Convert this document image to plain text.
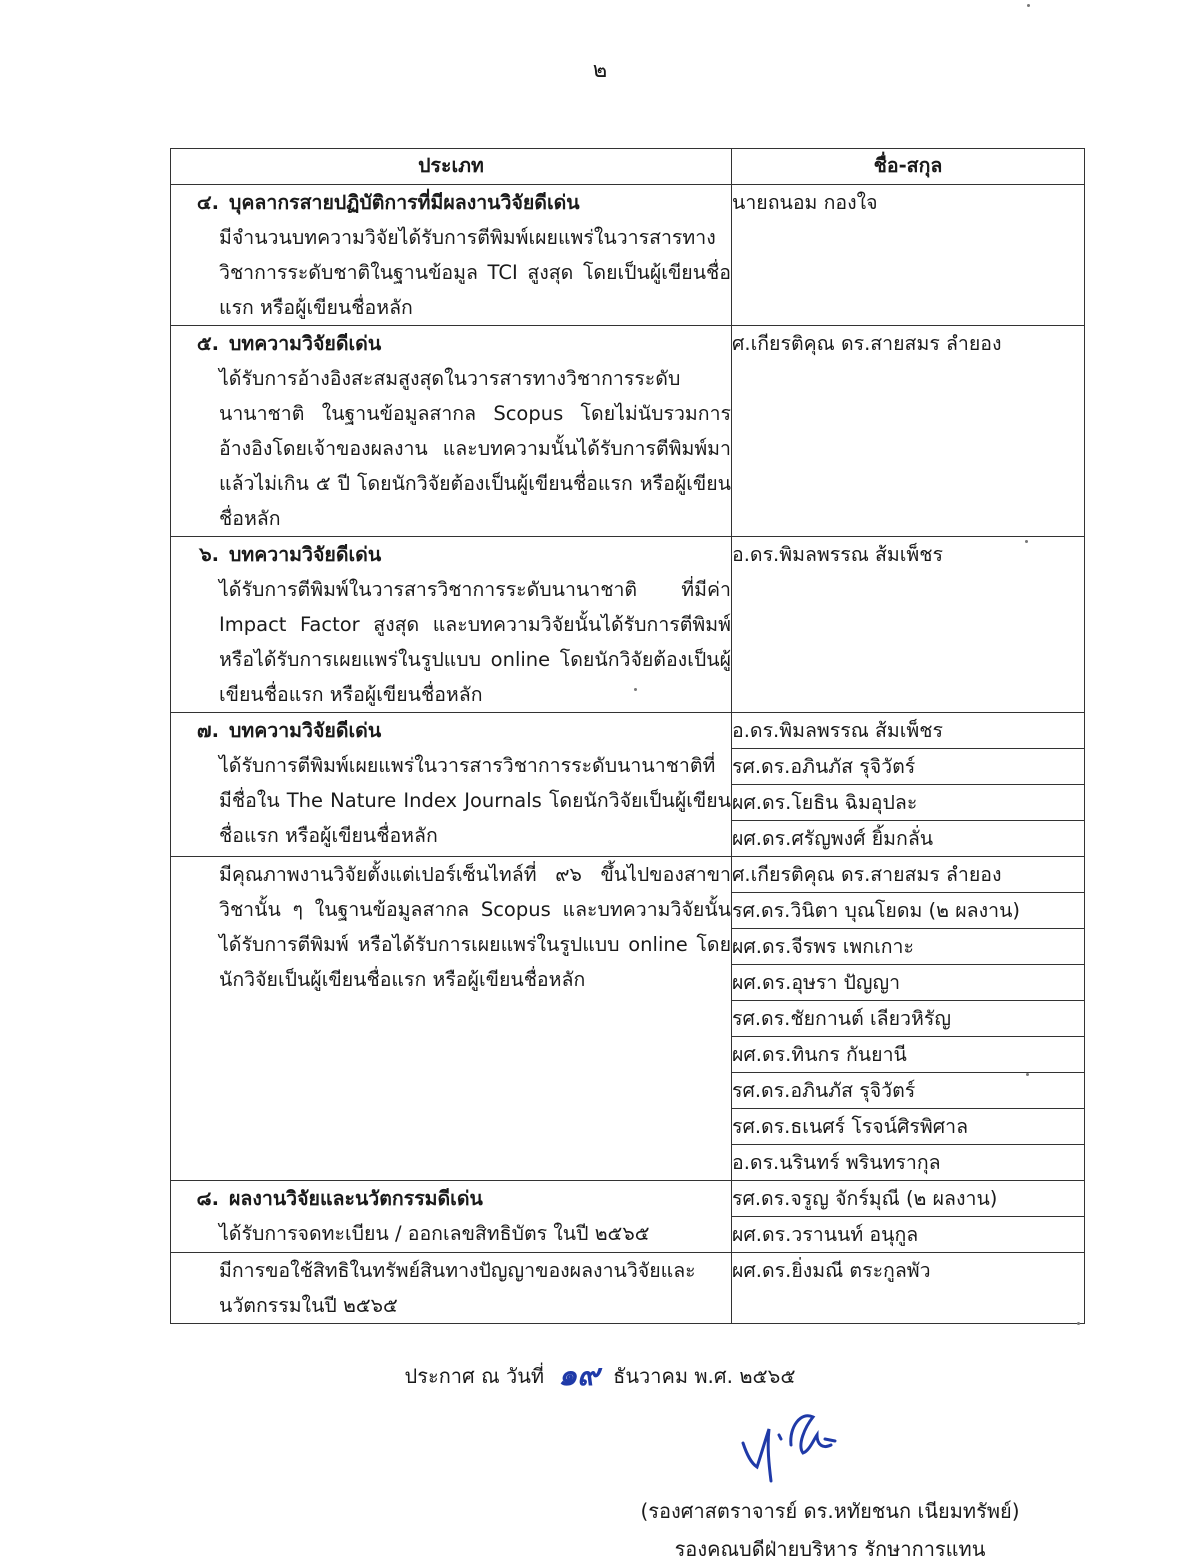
๒
ประเภท	ชื่อ-สกุล

๔. บุคลากรสายปฏิบัติการที่มีผลงานวิจัยดีเด่น
มีจำนวนบทความวิจัยได้รับการตีพิมพ์เผยแพร่ในวารสารทางวิชาการระดับชาติในฐานข้อมูล TCI สูงสุด โดยเป็นผู้เขียนชื่อแรก หรือผู้เขียนชื่อหลัก	นายถนอม กองใจ

๕. บทความวิจัยดีเด่น
ได้รับการอ้างอิงสะสมสูงสุดในวารสารทางวิชาการระดับนานาชาติ ในฐานข้อมูลสากล Scopus โดยไม่นับรวมการอ้างอิงโดยเจ้าของผลงาน และบทความนั้นได้รับการตีพิมพ์มาแล้วไม่เกิน ๕ ปี โดยนักวิจัยต้องเป็นผู้เขียนชื่อแรก หรือผู้เขียนชื่อหลัก	ศ.เกียรติคุณ ดร.สายสมร ลำยอง

๖. บทความวิจัยดีเด่น
ได้รับการตีพิมพ์ในวารสารวิชาการระดับนานาชาติ ที่มีค่า Impact Factor สูงสุด และบทความวิจัยนั้นได้รับการตีพิมพ์หรือได้รับการเผยแพร่ในรูปแบบ online โดยนักวิจัยต้องเป็นผู้เขียนชื่อแรก หรือผู้เขียนชื่อหลัก	อ.ดร.พิมลพรรณ ส้มเพ็ชร

๗. บทความวิจัยดีเด่น
ได้รับการตีพิมพ์เผยแพร่ในวารสารวิชาการระดับนานาชาติที่มีชื่อใน The Nature Index Journals โดยนักวิจัยเป็นผู้เขียนชื่อแรก หรือผู้เขียนชื่อหลัก	อ.ดร.พิมลพรรณ ส้มเพ็ชร

	รศ.ดร.อภินภัส รุจิวัตร์

	ผศ.ดร.โยธิน ฉิมอุปละ

	ผศ.ดร.ศรัญพงศ์ ยิ้มกลั่น

มีคุณภาพงานวิจัยตั้งแต่เปอร์เซ็นไทล์ที่ ๙๖ ขึ้นไปของสาขาวิชานั้น ๆ ในฐานข้อมูลสากล Scopus และบทความวิจัยนั้นได้รับการตีพิมพ์ หรือได้รับการเผยแพร่ในรูปแบบ online โดยนักวิจัยเป็นผู้เขียนชื่อแรก หรือผู้เขียนชื่อหลัก	ศ.เกียรติคุณ ดร.สายสมร ลำยอง

	รศ.ดร.วินิตา บุณโยดม (๒ ผลงาน)

	ผศ.ดร.จีรพร เพกเกาะ

	ผศ.ดร.อุษรา ปัญญา

	รศ.ดร.ชัยกานต์ เลียวหิรัญ

	ผศ.ดร.ทินกร กันยานี

	รศ.ดร.อภินภัส รุจิวัตร์

	รศ.ดร.ธเนศร์ โรจน์ศิรพิศาล

	อ.ดร.นรินทร์ พรินทรากุล

๘. ผลงานวิจัยและนวัตกรรมดีเด่น
ได้รับการจดทะเบียน / ออกเลขสิทธิบัตร ในปี ๒๕๖๕	รศ.ดร.จรูญ จักร์มุณี (๒ ผลงาน)

	ผศ.ดร.วรานนท์ อนุกูล

มีการขอใช้สิทธิในทรัพย์สินทางปัญญาของผลงานวิจัยและนวัตกรรมในปี ๒๕๖๕	ผศ.ดร.ยิ่งมณี ตระกูลพัว
ประกาศ ณ วันที่ ๑๙ ธันวาคม พ.ศ. ๒๕๖๕
(รองศาสตราจารย์ ดร.หทัยชนก เนียมทรัพย์)
รองคณบดีฝ่ายบริหาร รักษาการแทน
